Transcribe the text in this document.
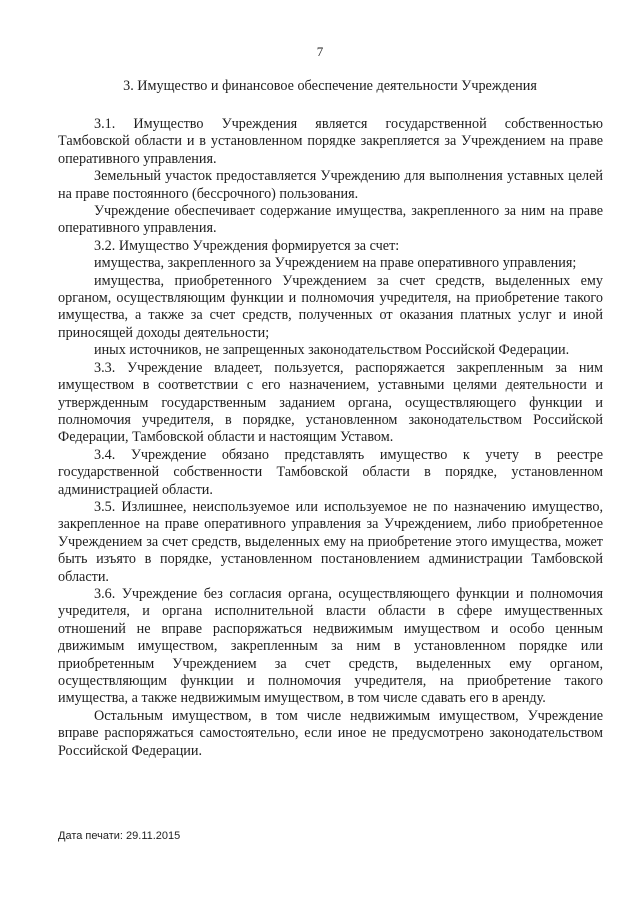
7
3. Имущество и финансовое обеспечение деятельности Учреждения

3.1. Имущество Учреждения является государственной собственностью Тамбовской области и в установленном порядке закрепляется за Учреждением на праве оперативного управления.

Земельный участок предоставляется Учреждению для выполнения уставных целей на праве постоянного (бессрочного) пользования.

Учреждение обеспечивает содержание имущества, закрепленного за ним на праве оперативного управления.

3.2. Имущество Учреждения формируется за счет:

имущества, закрепленного за Учреждением на праве оперативного управления;

имущества, приобретенного Учреждением за счет средств, выделенных ему органом, осуществляющим функции и полномочия учредителя, на приобретение такого имущества, а также за счет средств, полученных от оказания платных услуг и иной приносящей доходы деятельности;

иных источников, не запрещенных законодательством Российской Федерации.

3.3. Учреждение владеет, пользуется, распоряжается закрепленным за ним имуществом в соответствии с его назначением, уставными целями деятельности и утвержденным государственным заданием органа, осуществляющего функции и полномочия учредителя, в порядке, установленном законодательством Российской Федерации, Тамбовской области и настоящим Уставом.

3.4. Учреждение обязано представлять имущество к учету в реестре государственной собственности Тамбовской области в порядке, установленном администрацией области.

3.5. Излишнее, неиспользуемое или используемое не по назначению имущество, закрепленное на праве оперативного управления за Учреждением, либо приобретенное Учреждением за счет средств, выделенных ему на приобретение этого имущества, может быть изъято в порядке, установленном постановлением администрации Тамбовской области.

3.6. Учреждение без согласия органа, осуществляющего функции и полномочия учредителя, и органа исполнительной власти области в сфере имущественных отношений не вправе распоряжаться недвижимым имуществом и особо ценным движимым имуществом, закрепленным за ним в установленном порядке или приобретенным Учреждением за счет средств, выделенных ему органом, осуществляющим функции и полномочия учредителя, на приобретение такого имущества, а также недвижимым имуществом, в том числе сдавать его в аренду.

Остальным имуществом, в том числе недвижимым имуществом, Учреждение вправе распоряжаться самостоятельно, если иное не предусмотрено законодательством Российской Федерации.

Дата печати: 29.11.2015
